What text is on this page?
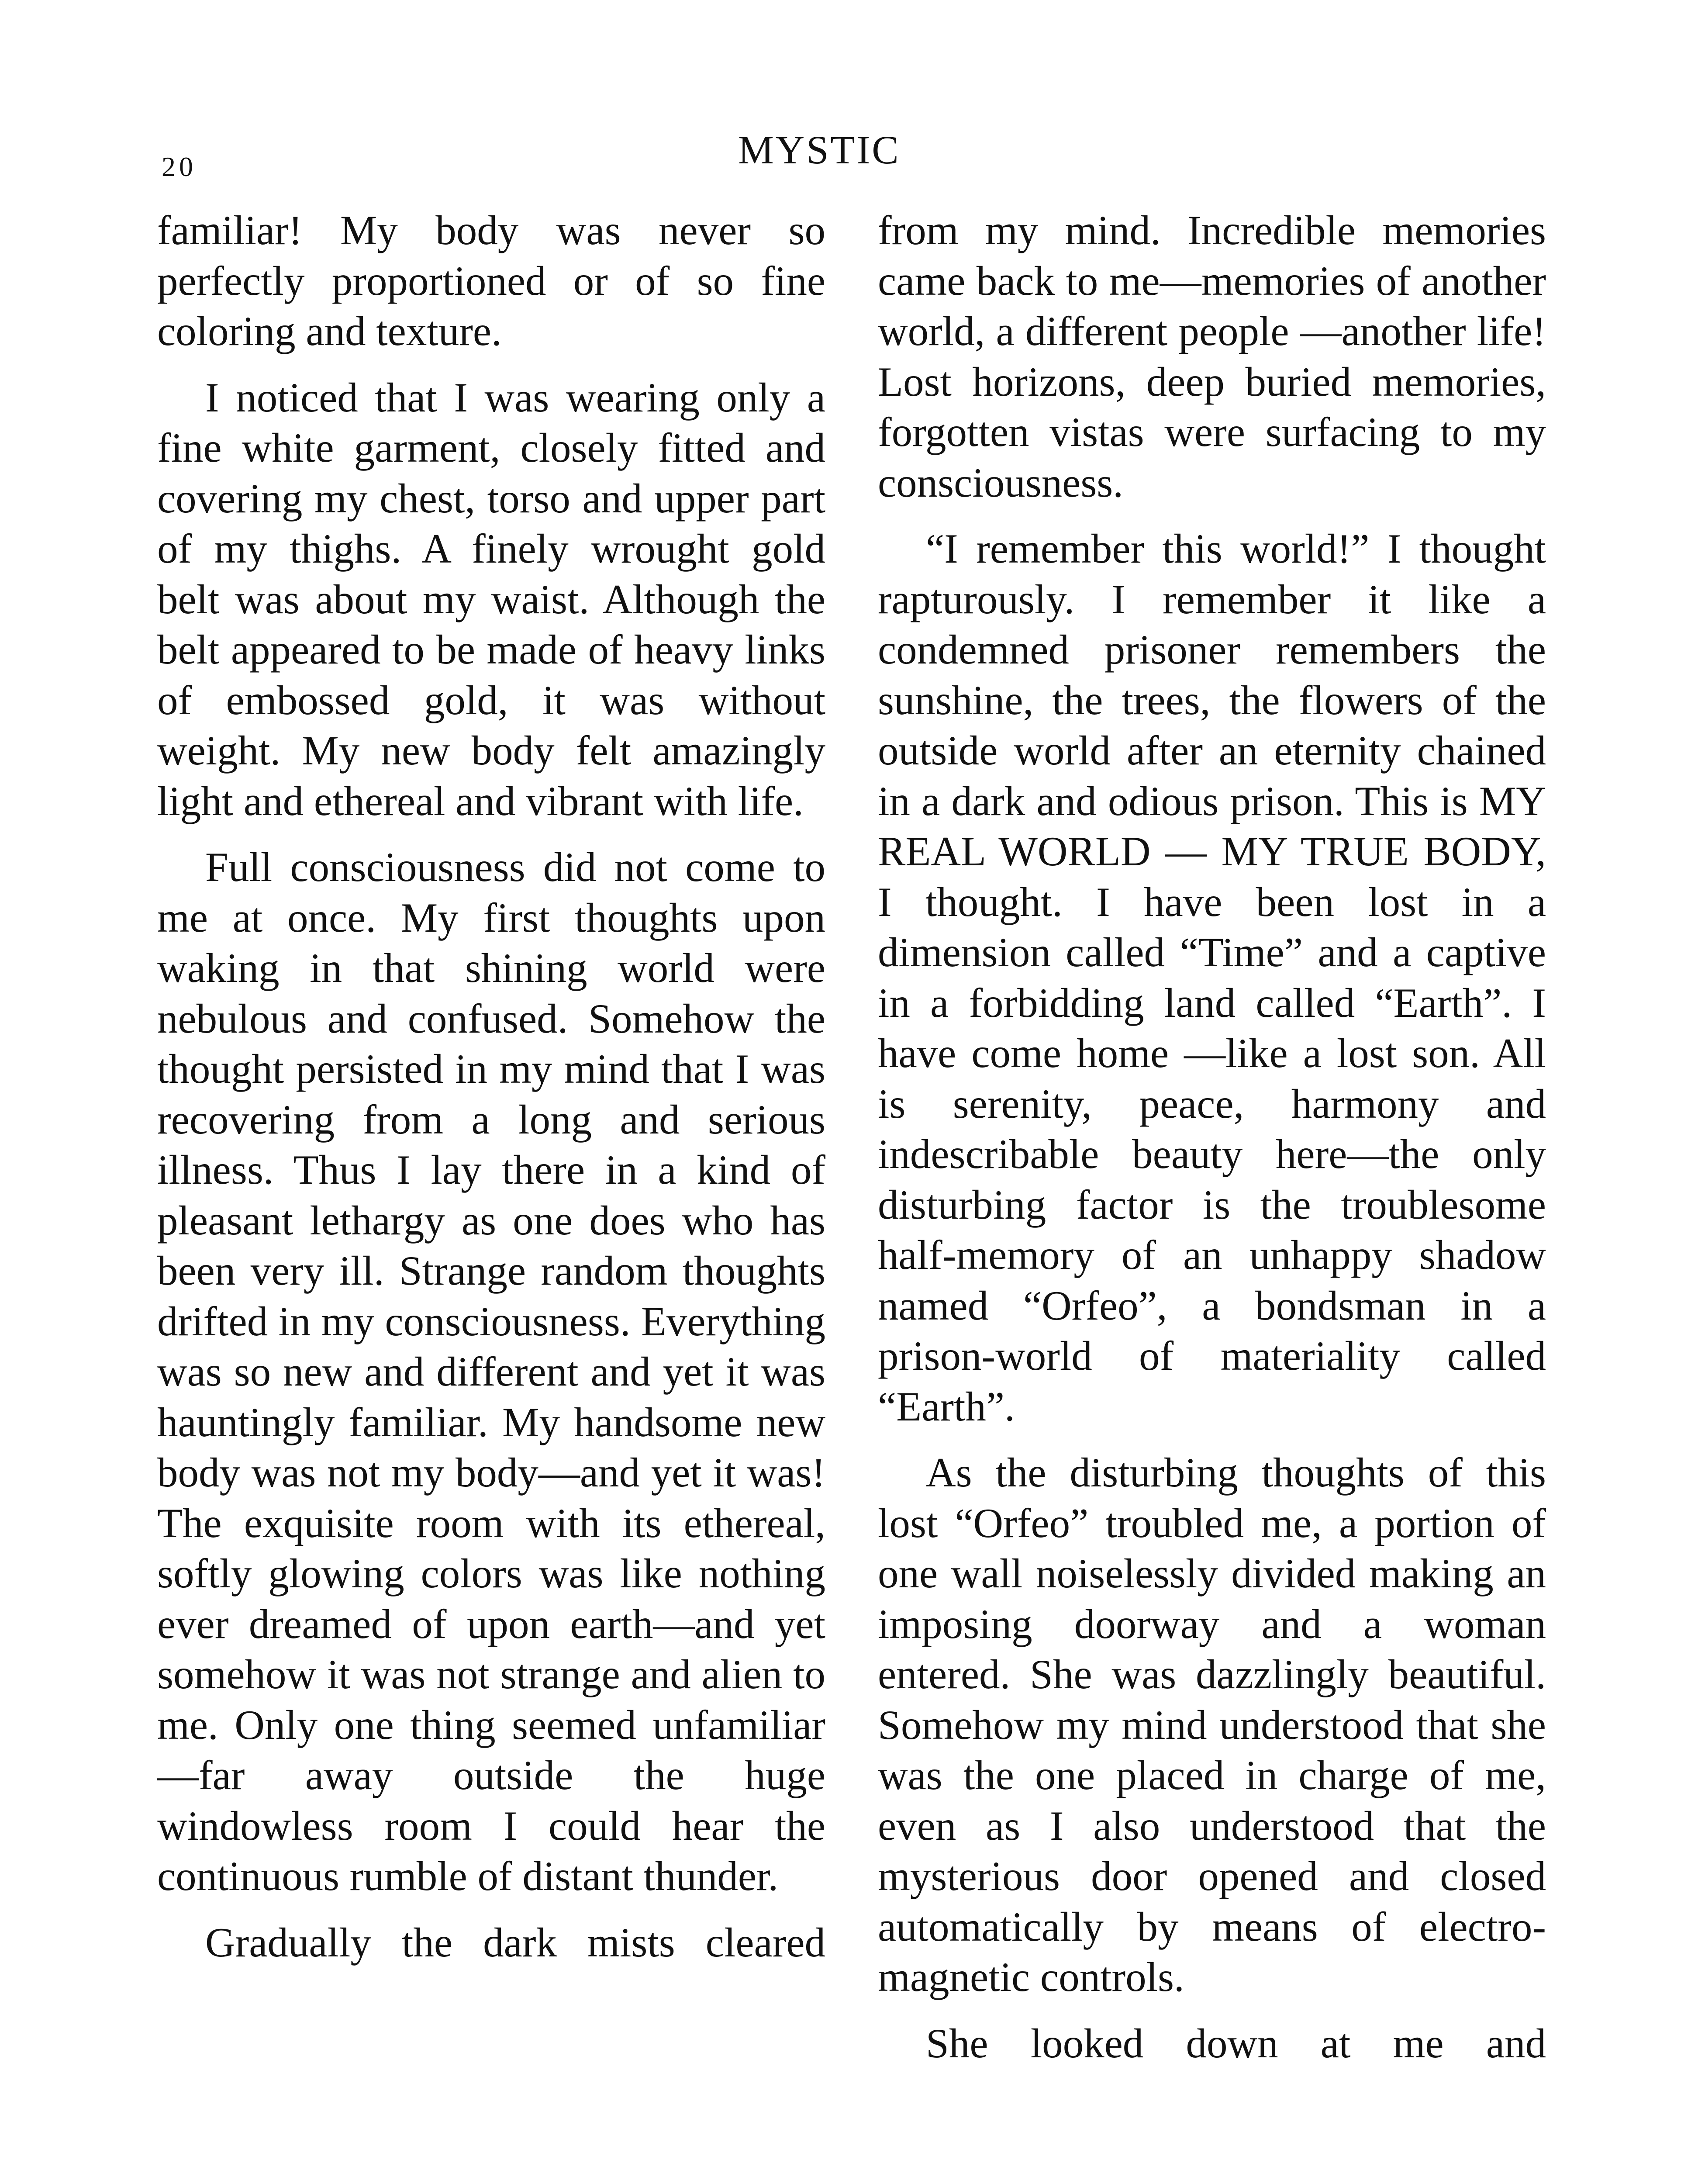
20	MYSTIC

familiar! My body was never so perfectly proportioned or of so fine coloring and texture.

I noticed that I was wearing only a fine white garment, closely fitted and covering my chest, torso and upper part of my thighs. A finely wrought gold belt was about my waist. Although the belt appeared to be made of heavy links of embossed gold, it was without weight. My new body felt amazingly light and ethereal and vibrant with life.

Full consciousness did not come to me at once. My first thoughts upon waking in that shining world were nebulous and confused. Somehow the thought persisted in my mind that I was recovering from a long and serious illness. Thus I lay there in a kind of pleasant lethargy as one does who has been very ill. Strange random thoughts drifted in my consciousness. Everything was so new and different and yet it was hauntingly familiar. My handsome new body was not my body—and yet it was! The exquisite room with its ethereal, softly glowing colors was like nothing ever dreamed of upon earth—and yet somehow it was not strange and alien to me. Only one thing seemed unfamiliar—far away outside the huge windowless room I could hear the continuous rumble of distant thunder.

Gradually the dark mists cleared

from my mind. Incredible memories came back to me—memories of another world, a different people —another life! Lost horizons, deep buried memories, forgotten vistas were surfacing to my consciousness.

“I remember this world!” I thought rapturously. I remember it like a condemned prisoner remembers the sunshine, the trees, the flowers of the outside world after an eternity chained in a dark and odious prison. This is MY REAL WORLD — MY TRUE BODY, I thought. I have been lost in a dimension called “Time” and a captive in a forbidding land called “Earth”. I have come home —like a lost son. All is serenity, peace, harmony and indescribable beauty here—the only disturbing factor is the troublesome half-memory of an unhappy shadow named “Orfeo”, a bondsman in a prison-world of materiality called “Earth”.

As the disturbing thoughts of this lost “Orfeo” troubled me, a portion of one wall noiselessly divided making an imposing doorway and a woman entered. She was dazzlingly beautiful. Somehow my mind understood that she was the one placed in charge of me, even as I also understood that the mysterious door opened and closed automatically by means of electro-magnetic controls.

She looked down at me and
